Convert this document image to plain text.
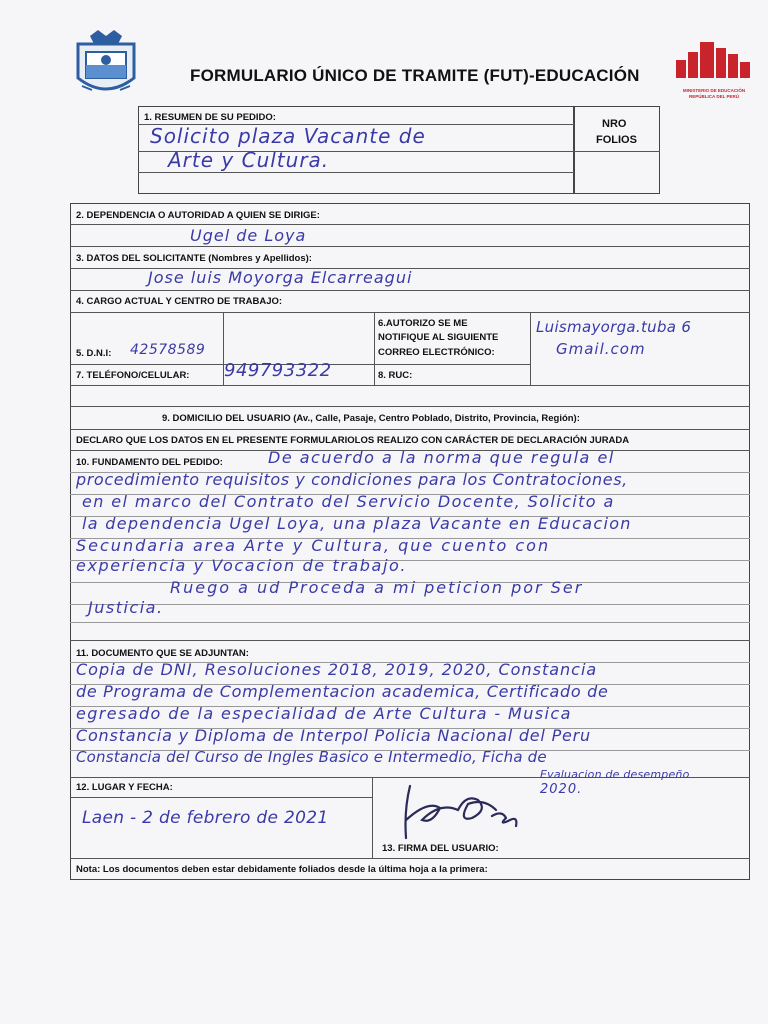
FORMULARIO ÚNICO DE TRAMITE (FUT)-EDUCACIÓN
MINISTERIO DE EDUCACIÓN REPÚBLICA DEL PERÚ
1. RESUMEN DE SU PEDIDO:
Solicito plaza Vacante de
Arte y Cultura.
NRO
FOLIOS
2. DEPENDENCIA O AUTORIDAD A QUIEN SE DIRIGE:
Ugel de Loya
3. DATOS DEL SOLICITANTE (Nombres y Apellidos):
Jose luis Moyorga Elcarreagui
4. CARGO ACTUAL Y CENTRO DE TRABAJO:
5. D.N.I: 42578589
6.AUTORIZO SE ME
NOTIFIQUE AL SIGUIENTE
CORREO ELECTRÓNICO:
Luismayorga.tuba 6
Gmail.com
7. TELÉFONO/CELULAR: 949793322	8. RUC:
9. DOMICILIO DEL USUARIO (Av., Calle, Pasaje, Centro Poblado, Distrito, Provincia, Región):
DECLARO QUE LOS DATOS EN EL PRESENTE FORMULARIOLOS REALIZO CON CARÁCTER DE DECLARACIÓN JURADA
10. FUNDAMENTO DEL PEDIDO:	De acuerdo a la norma que regula el
procedimiento requisitos y condiciones para los Contratociones,
en el marco del Contrato del Servicio Docente, Solicito a
la dependencia Ugel Loya, una plaza Vacante en Educacion
Secundaria area Arte y Cultura, que cuento con
experiencia y Vocacion de trabajo.
Ruego a ud Proceda a mi peticion por Ser
Justicia.
11. DOCUMENTO QUE SE ADJUNTAN:
Copia de DNI, Resoluciones 2018, 2019, 2020, Constancia
de Programa de Complementacion academica, Certificado de
egresado de la especialidad de Arte Cultura - Musica
Constancia y Diploma de Interpol Policia Nacional del Peru
Constancia del Curso de Ingles Basico e Intermedio, Ficha de
Evaluacion de desempeño
2020.
12. LUGAR Y FECHA:
Laen - 2 de febrero de 2021
13. FIRMA DEL USUARIO:
Nota: Los documentos deben estar debidamente foliados desde la última hoja a la primera:
